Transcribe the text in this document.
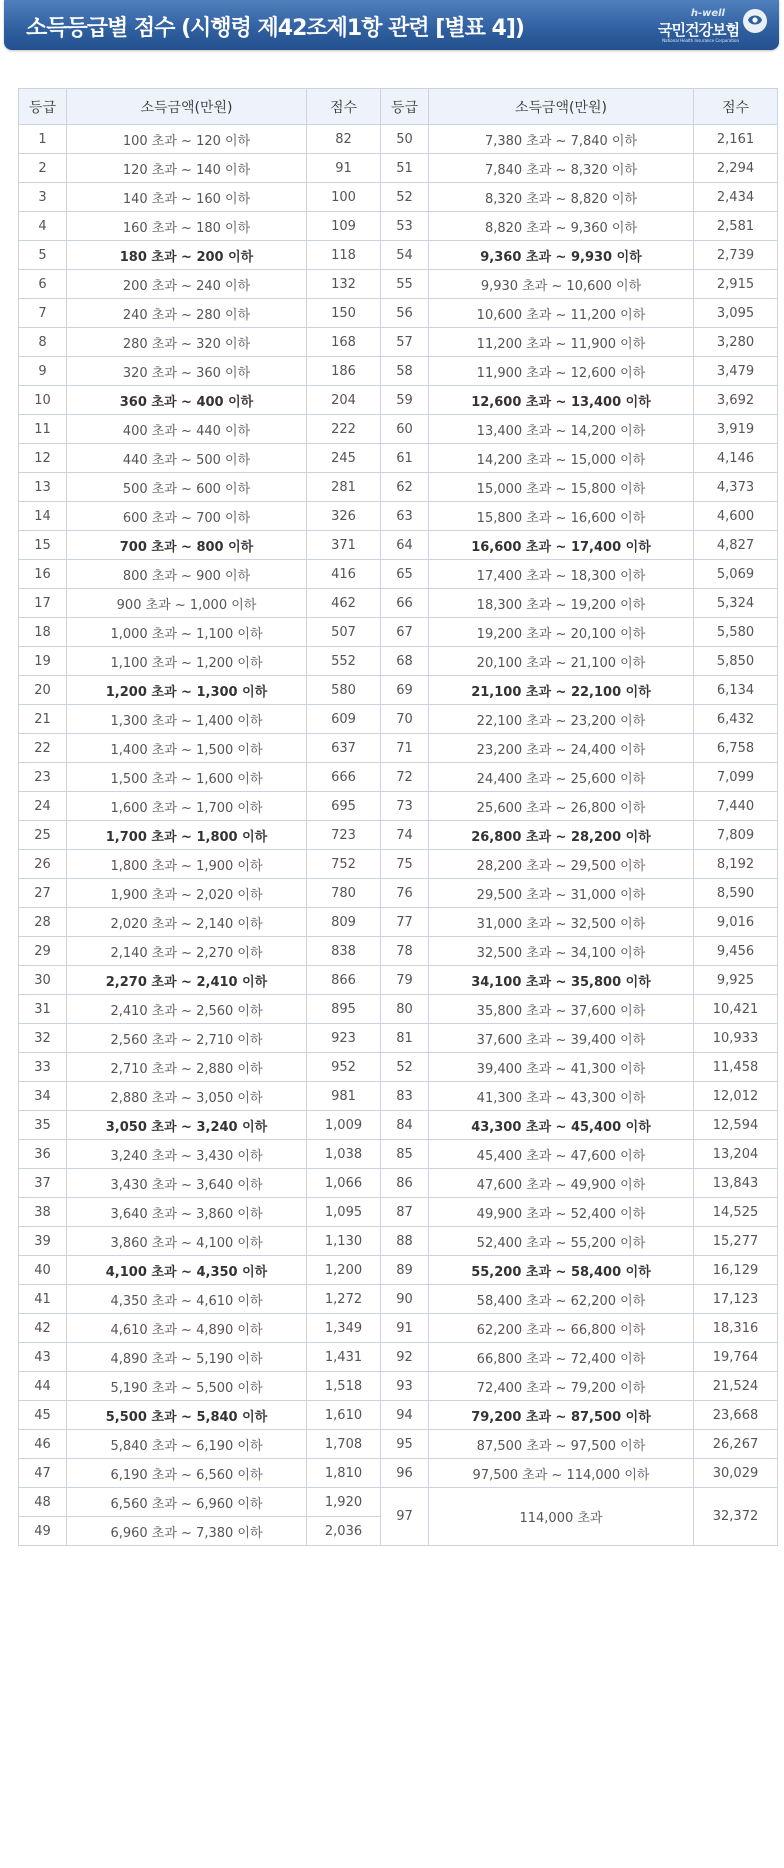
소득등급별 점수 (시행령 제42조제1항 관련 [별표 4])
h-well
국민건강보험
National Health Insurance Corporation
등급	소득금액(만원)	점수	등급	소득금액(만원)	점수
1	100 초과 ~ 120 이하	82	50	7,380 초과 ~ 7,840 이하	2,161
2	120 초과 ~ 140 이하	91	51	7,840 초과 ~ 8,320 이하	2,294
3	140 초과 ~ 160 이하	100	52	8,320 초과 ~ 8,820 이하	2,434
4	160 초과 ~ 180 이하	109	53	8,820 초과 ~ 9,360 이하	2,581
5	180 초과 ~ 200 이하	118	54	9,360 초과 ~ 9,930 이하	2,739
6	200 초과 ~ 240 이하	132	55	9,930 초과 ~ 10,600 이하	2,915
7	240 초과 ~ 280 이하	150	56	10,600 초과 ~ 11,200 이하	3,095
8	280 초과 ~ 320 이하	168	57	11,200 초과 ~ 11,900 이하	3,280
9	320 초과 ~ 360 이하	186	58	11,900 초과 ~ 12,600 이하	3,479
10	360 초과 ~ 400 이하	204	59	12,600 초과 ~ 13,400 이하	3,692
11	400 초과 ~ 440 이하	222	60	13,400 초과 ~ 14,200 이하	3,919
12	440 초과 ~ 500 이하	245	61	14,200 초과 ~ 15,000 이하	4,146
13	500 초과 ~ 600 이하	281	62	15,000 초과 ~ 15,800 이하	4,373
14	600 초과 ~ 700 이하	326	63	15,800 초과 ~ 16,600 이하	4,600
15	700 초과 ~ 800 이하	371	64	16,600 초과 ~ 17,400 이하	4,827
16	800 초과 ~ 900 이하	416	65	17,400 초과 ~ 18,300 이하	5,069
17	900 초과 ~ 1,000 이하	462	66	18,300 초과 ~ 19,200 이하	5,324
18	1,000 초과 ~ 1,100 이하	507	67	19,200 초과 ~ 20,100 이하	5,580
19	1,100 초과 ~ 1,200 이하	552	68	20,100 초과 ~ 21,100 이하	5,850
20	1,200 초과 ~ 1,300 이하	580	69	21,100 초과 ~ 22,100 이하	6,134
21	1,300 초과 ~ 1,400 이하	609	70	22,100 초과 ~ 23,200 이하	6,432
22	1,400 초과 ~ 1,500 이하	637	71	23,200 초과 ~ 24,400 이하	6,758
23	1,500 초과 ~ 1,600 이하	666	72	24,400 초과 ~ 25,600 이하	7,099
24	1,600 초과 ~ 1,700 이하	695	73	25,600 초과 ~ 26,800 이하	7,440
25	1,700 초과 ~ 1,800 이하	723	74	26,800 초과 ~ 28,200 이하	7,809
26	1,800 초과 ~ 1,900 이하	752	75	28,200 초과 ~ 29,500 이하	8,192
27	1,900 초과 ~ 2,020 이하	780	76	29,500 초과 ~ 31,000 이하	8,590
28	2,020 초과 ~ 2,140 이하	809	77	31,000 초과 ~ 32,500 이하	9,016
29	2,140 초과 ~ 2,270 이하	838	78	32,500 초과 ~ 34,100 이하	9,456
30	2,270 초과 ~ 2,410 이하	866	79	34,100 초과 ~ 35,800 이하	9,925
31	2,410 초과 ~ 2,560 이하	895	80	35,800 초과 ~ 37,600 이하	10,421
32	2,560 초과 ~ 2,710 이하	923	81	37,600 초과 ~ 39,400 이하	10,933
33	2,710 초과 ~ 2,880 이하	952	52	39,400 초과 ~ 41,300 이하	11,458
34	2,880 초과 ~ 3,050 이하	981	83	41,300 초과 ~ 43,300 이하	12,012
35	3,050 초과 ~ 3,240 이하	1,009	84	43,300 초과 ~ 45,400 이하	12,594
36	3,240 초과 ~ 3,430 이하	1,038	85	45,400 초과 ~ 47,600 이하	13,204
37	3,430 초과 ~ 3,640 이하	1,066	86	47,600 초과 ~ 49,900 이하	13,843
38	3,640 초과 ~ 3,860 이하	1,095	87	49,900 초과 ~ 52,400 이하	14,525
39	3,860 초과 ~ 4,100 이하	1,130	88	52,400 초과 ~ 55,200 이하	15,277
40	4,100 초과 ~ 4,350 이하	1,200	89	55,200 초과 ~ 58,400 이하	16,129
41	4,350 초과 ~ 4,610 이하	1,272	90	58,400 초과 ~ 62,200 이하	17,123
42	4,610 초과 ~ 4,890 이하	1,349	91	62,200 초과 ~ 66,800 이하	18,316
43	4,890 초과 ~ 5,190 이하	1,431	92	66,800 초과 ~ 72,400 이하	19,764
44	5,190 초과 ~ 5,500 이하	1,518	93	72,400 초과 ~ 79,200 이하	21,524
45	5,500 초과 ~ 5,840 이하	1,610	94	79,200 초과 ~ 87,500 이하	23,668
46	5,840 초과 ~ 6,190 이하	1,708	95	87,500 초과 ~ 97,500 이하	26,267
47	6,190 초과 ~ 6,560 이하	1,810	96	97,500 초과 ~ 114,000 이하	30,029
48	6,560 초과 ~ 6,960 이하	1,920	97	114,000 초과	32,372
49	6,960 초과 ~ 7,380 이하	2,036			
